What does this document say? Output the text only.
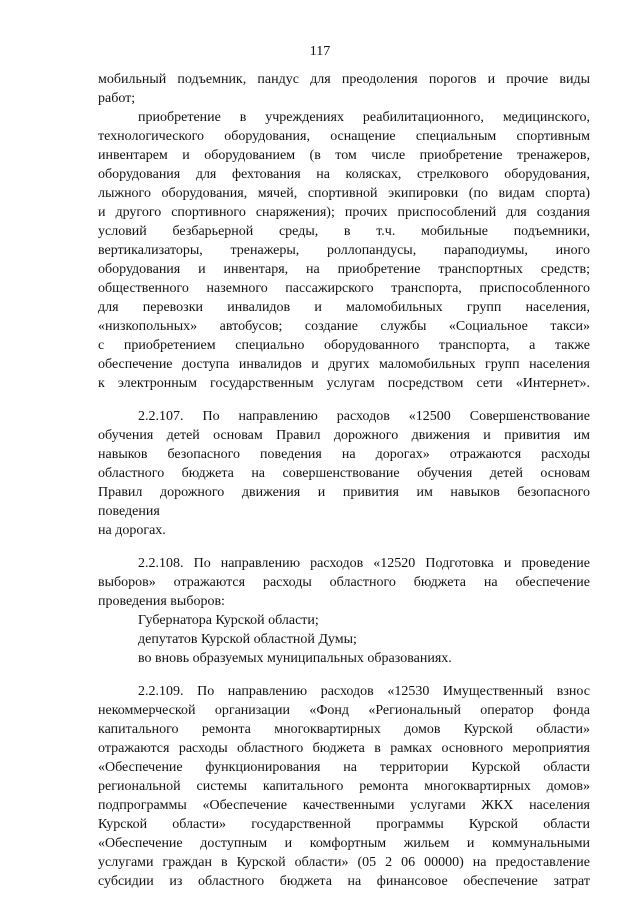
117
мобильный подъемник, пандус для преодоления порогов и прочие виды
работ;
приобретение в учреждениях реабилитационного, медицинского,
технологического оборудования, оснащение специальным спортивным
инвентарем и оборудованием (в том числе приобретение тренажеров,
оборудования для фехтования на колясках, стрелкового оборудования,
лыжного оборудования, мячей, спортивной экипировки (по видам спорта)
и другого спортивного снаряжения); прочих приспособлений для создания
условий безбарьерной среды, в т.ч. мобильные подъемники,
вертикализаторы, тренажеры, роллопандусы, параподиумы, иного
оборудования и инвентаря, на приобретение транспортных средств;
общественного наземного пассажирского транспорта, приспособленного
для перевозки инвалидов и маломобильных групп населения,
«низкопольных» автобусов; создание службы «Социальное такси»
с приобретением специально оборудованного транспорта, а также
обеспечение доступа инвалидов и других маломобильных групп населения
к электронным государственным услугам посредством сети «Интернет».
2.2.107. По направлению расходов «12500 Совершенствование
обучения детей основам Правил дорожного движения и привития им
навыков безопасного поведения на дорогах» отражаются расходы
областного бюджета на совершенствование обучения детей основам
Правил дорожного движения и привития им навыков безопасного
поведения
на дорогах.
2.2.108. По направлению расходов «12520 Подготовка и проведение
выборов» отражаются расходы областного бюджета на обеспечение
проведения выборов:
Губернатора Курской области;
депутатов Курской областной Думы;
во вновь образуемых муниципальных образованиях.
2.2.109. По направлению расходов «12530 Имущественный взнос
некоммерческой организации «Фонд «Региональный оператор фонда
капитального ремонта многоквартирных домов Курской области»
отражаются расходы областного бюджета в рамках основного мероприятия
«Обеспечение функционирования на территории Курской области
региональной системы капитального ремонта многоквартирных домов»
подпрограммы «Обеспечение качественными услугами ЖКХ населения
Курской области» государственной программы Курской области
«Обеспечение доступным и комфортным жильем и коммунальными
услугами граждан в Курской области» (05 2 06 00000) на предоставление
субсидии из областного бюджета на финансовое обеспечение затрат
